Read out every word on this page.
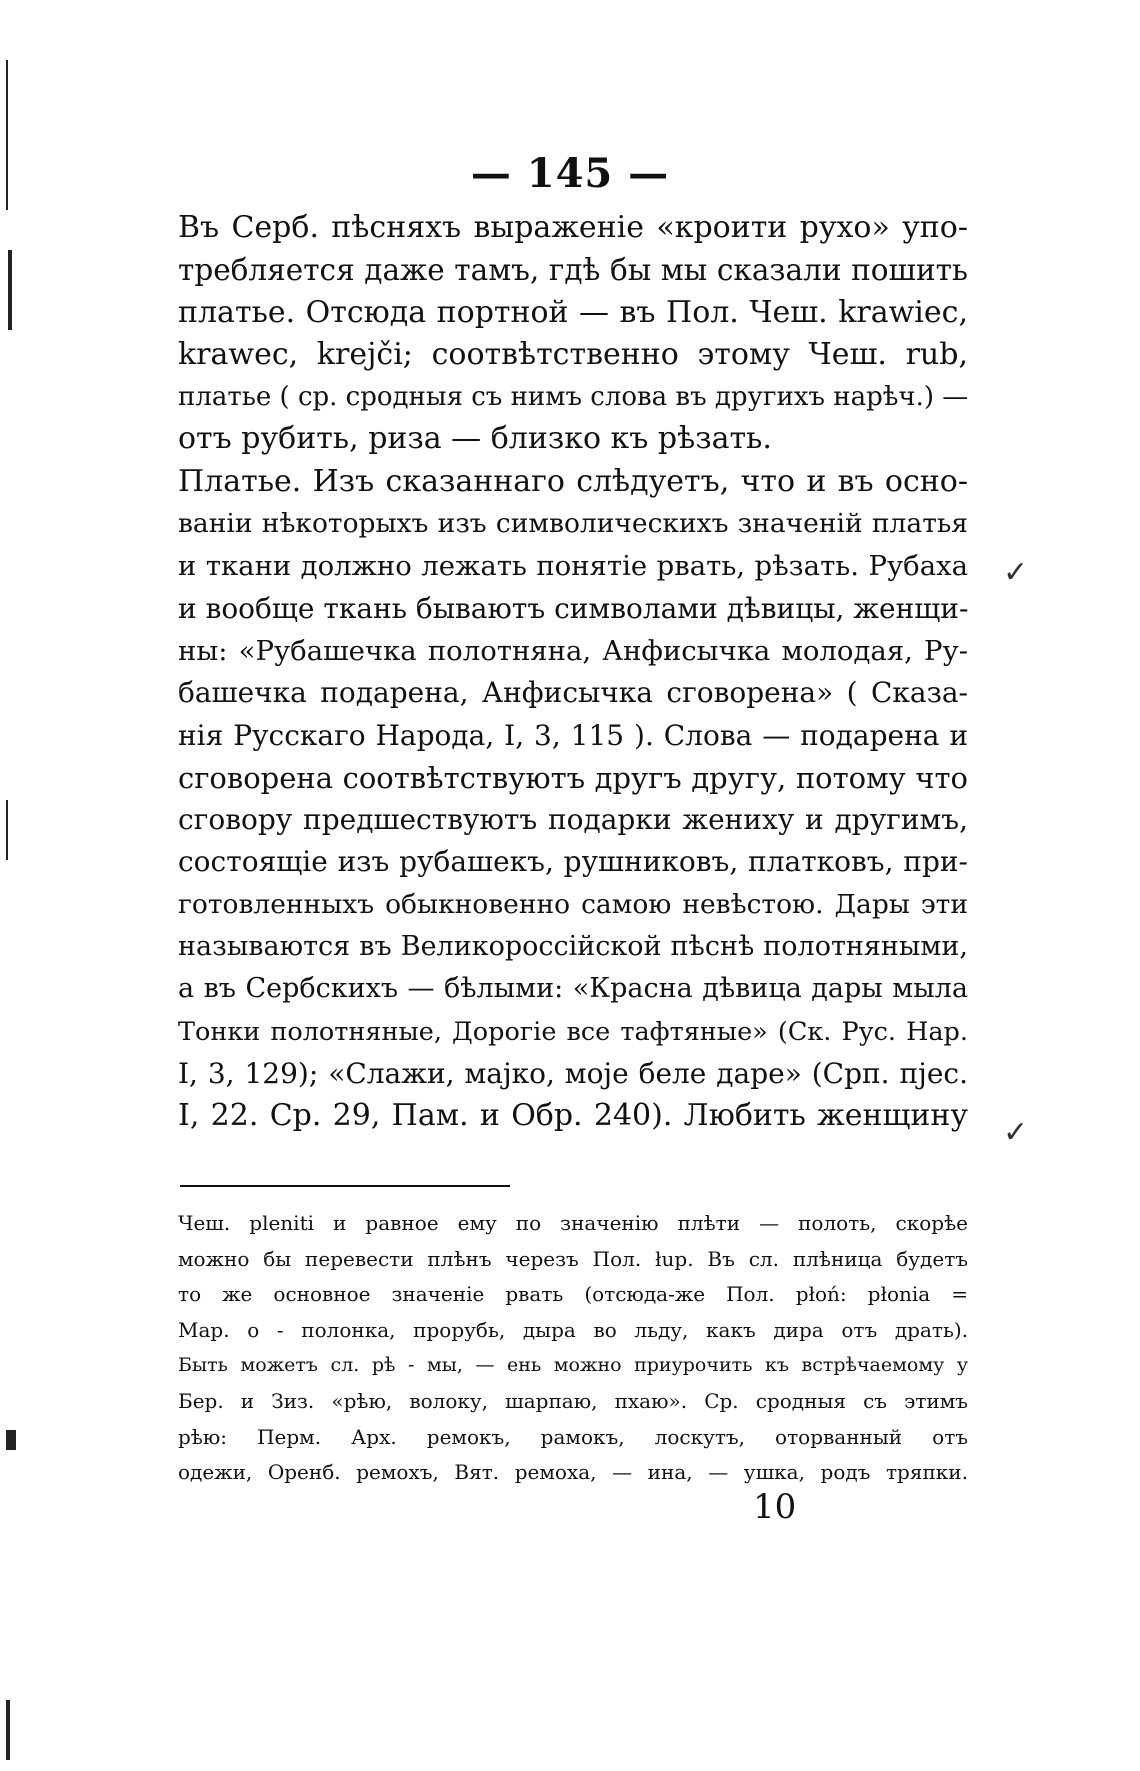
— 145 —
Въ Серб. пѣсняхъ выраженіе «кроити рухо» упо-
требляется даже тамъ, гдѣ бы мы сказали пошить
платье. Отсюда портной — въ Пол. Чеш. krawiec,
krawec, krejči; соотвѣтственно этому Чеш. rub,
платье ( ср. сродныя съ нимъ слова въ другихъ нарѣч.) —
отъ рубить, риза — близко къ рѣзать.
Платье. Изъ сказаннаго слѣдуетъ, что и въ осно-
ваніи нѣкоторыхъ изъ символическихъ значеній платья
и ткани должно лежать понятіе рвать, рѣзать. Рубаха
и вообще ткань бываютъ символами дѣвицы, женщи-
ны: «Рубашечка полотняна, Анфисычка молодая, Ру-
башечка подарена, Анфисычка сговорена» ( Сказа-
нія Русскаго Народа, I, 3, 115 ). Слова — подарена и
сговорена соотвѣтствуютъ другъ другу, потому что
сговору предшествуютъ подарки жениху и другимъ,
состоящіе изъ рубашекъ, рушниковъ, платковъ, при-
готовленныхъ обыкновенно самою невѣстою. Дары эти
называются въ Великороссійской пѣснѣ полотняными,
а въ Сербскихъ — бѣлыми: «Красна дѣвица дары мыла
Тонки полотняные, Дорогіе все тафтяные» (Ск. Рус. Нар.
I, 3, 129); «Слажи, мајко, моје беле даре» (Срп. пјес.
I, 22. Ср. 29, Пам. и Обр. 240). Любить женщину
Чеш. pleniti и равное ему по значенію плѣти — полоть, скорѣе
можно бы перевести плѣнъ черезъ Пол. łup. Въ сл. плѣница будетъ
то же основное значеніе рвать (отсюда-же Пол. płoń: płonia =
Мар. о - полонка, прорубь, дыра во льду, какъ дира отъ драть).
Быть можетъ сл. рѣ - мы, — ень можно приурочить къ встрѣчаемому у
Бер. и Зиз. «рѣю, волоку, шарпаю, пхаю». Ср. сродныя съ этимъ
рѣю: Перм. Арх. ремокъ, рамокъ, лоскутъ, оторванный отъ
одежи, Оренб. ремохъ, Вят. ремоха, — ина, — ушка, родъ тряпки.
10
✓
✓
